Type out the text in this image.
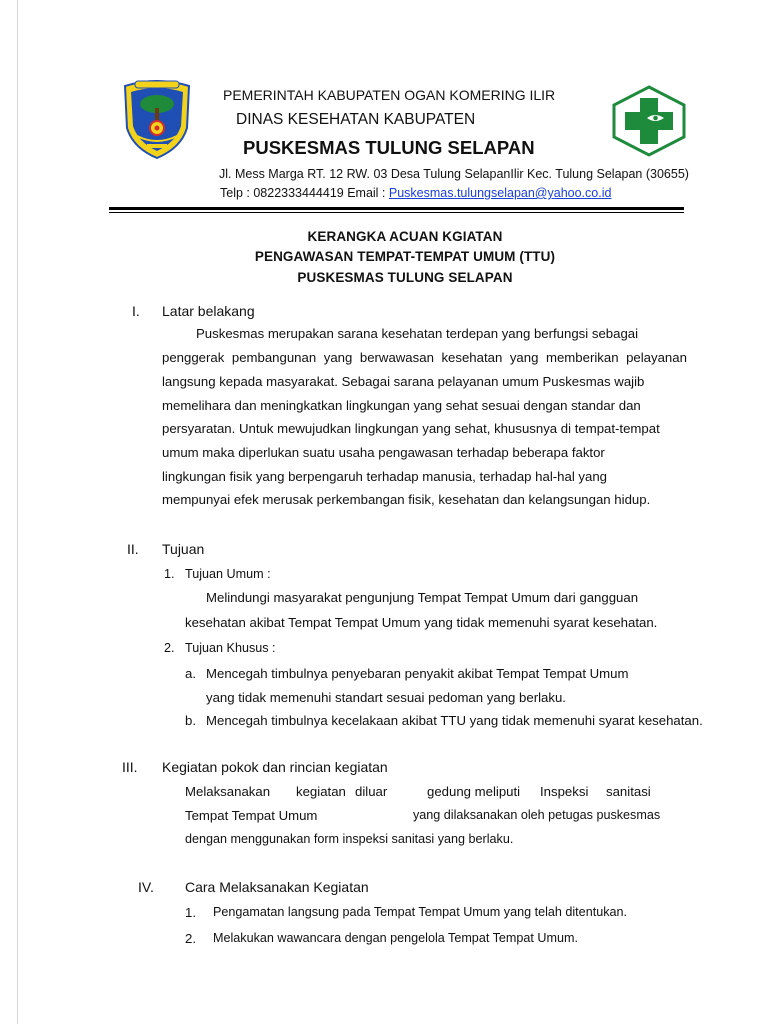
PEMERINTAH KABUPATEN OGAN KOMERING ILIR
DINAS KESEHATAN KABUPATEN
PUSKESMAS TULUNG SELAPAN
Jl. Mess Marga RT. 12 RW. 03 Desa Tulung SelapanIlir Kec. Tulung Selapan (30655)
Telp : 0822333444419 Email : Puskesmas.tulungselapan@yahoo.co.id
KERANGKA ACUAN KGIATAN
PENGAWASAN TEMPAT-TEMPAT UMUM (TTU)
PUSKESMAS TULUNG SELAPAN
I. Latar belakang
Puskesmas merupakan sarana kesehatan terdepan yang berfungsi sebagai
penggerak pembangunan yang berwawasan kesehatan yang memberikan pelayanan
langsung kepada masyarakat. Sebagai sarana pelayanan umum Puskesmas wajib
memelihara dan meningkatkan lingkungan yang sehat sesuai dengan standar dan
persyaratan. Untuk mewujudkan lingkungan yang sehat, khususnya di tempat-tempat
umum maka diperlukan suatu usaha pengawasan terhadap beberapa faktor
lingkungan fisik yang berpengaruh terhadap manusia, terhadap hal-hal yang
mempunyai efek merusak perkembangan fisik, kesehatan dan kelangsungan hidup.
II. Tujuan
1. Tujuan Umum :
Melindungi masyarakat pengunjung Tempat Tempat Umum dari gangguan
kesehatan akibat Tempat Tempat Umum yang tidak memenuhi syarat kesehatan.
2. Tujuan Khusus :
a. Mencegah timbulnya penyebaran penyakit akibat Tempat Tempat Umum
yang tidak memenuhi standart sesuai pedoman yang berlaku.
b. Mencegah timbulnya kecelakaan akibat TTU yang tidak memenuhi syarat kesehatan.
III. Kegiatan pokok dan rincian kegiatan
Melaksanakan kegiatan diluar	gedung meliputi Inspeksi sanitasi
Tempat Tempat Umum	yang dilaksanakan oleh petugas puskesmas
dengan menggunakan form inspeksi sanitasi yang berlaku.
IV. Cara Melaksanakan Kegiatan
1. Pengamatan langsung pada Tempat Tempat Umum yang telah ditentukan.
2. Melakukan wawancara dengan pengelola Tempat Tempat Umum.
